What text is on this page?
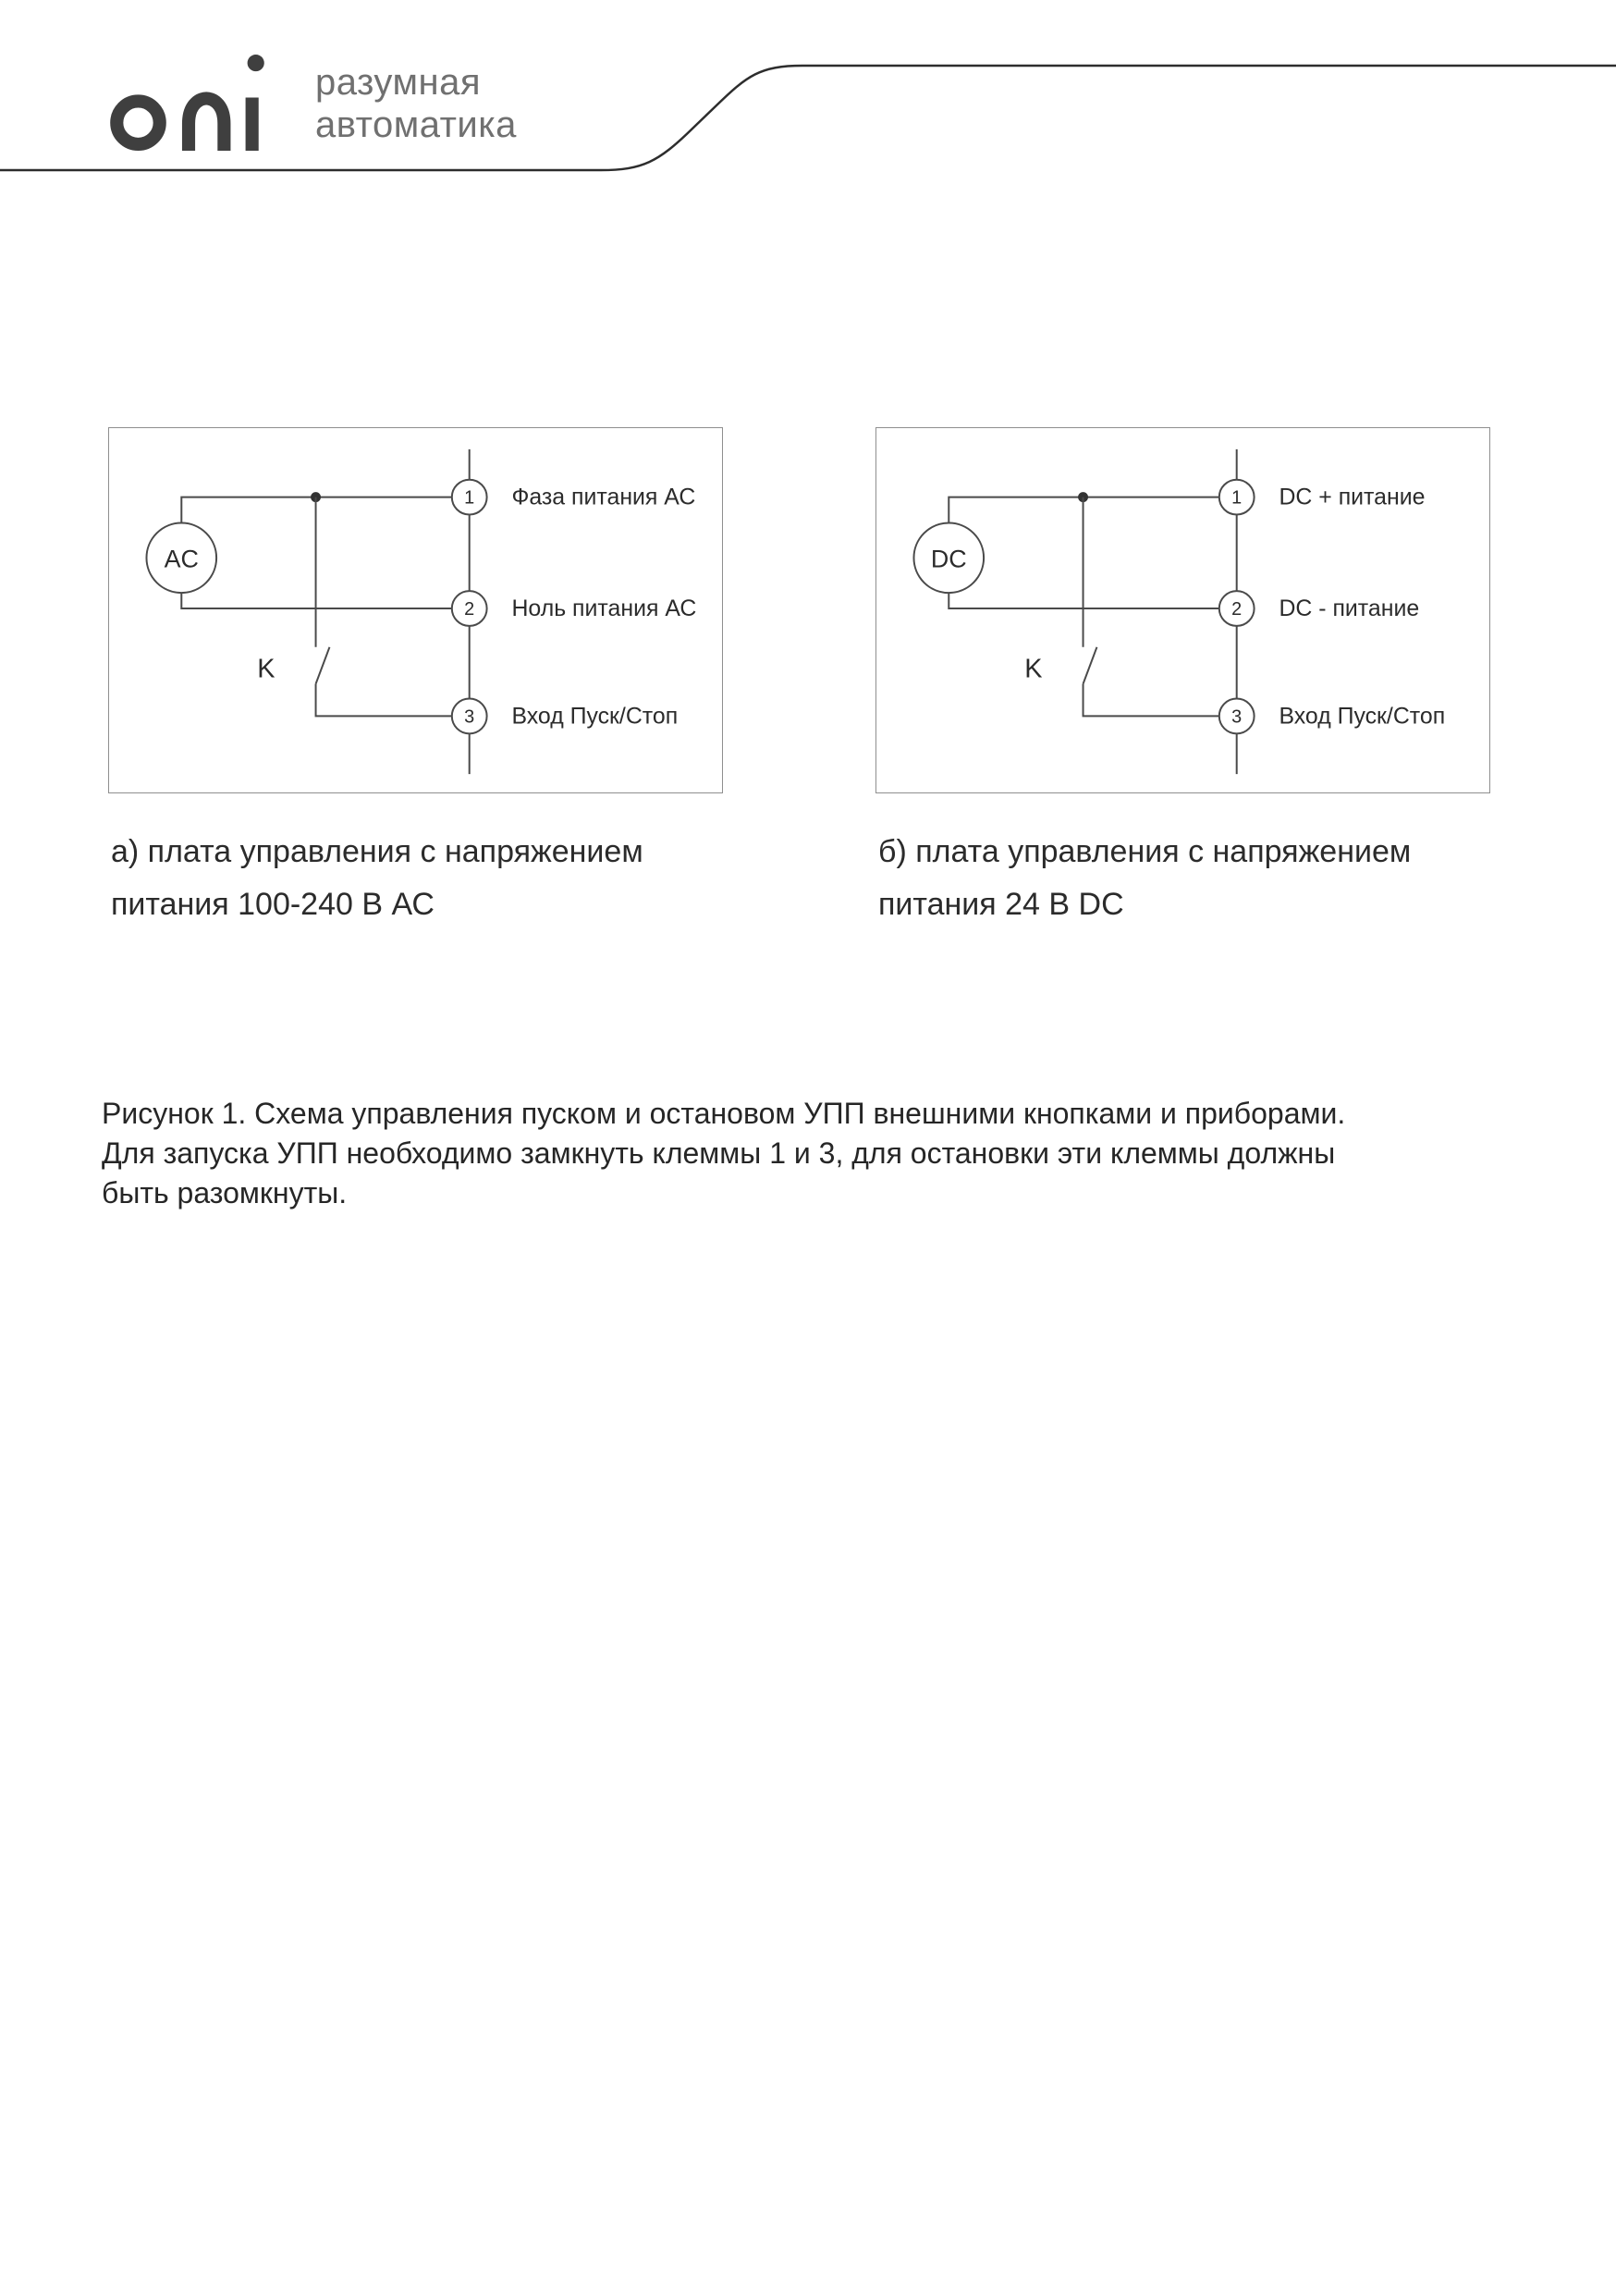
разумная
автоматика
K
AC
1
2
3
Фаза питания АС
Ноль питания АС
Вход Пуск/Стоп
K
DC
1
2
3
DC + питание
DC - питание
Вход Пуск/Стоп
а) плата управления с напряжением
питания 100-240 В АС
б) плата управления с напряжением
питания 24 В DC
Рисунок 1. Схема управления пуском и остановом УПП внешними кнопками и приборами.
Для запуска УПП необходимо замкнуть клеммы 1 и 3, для остановки эти клеммы должны
быть разомкнуты.
